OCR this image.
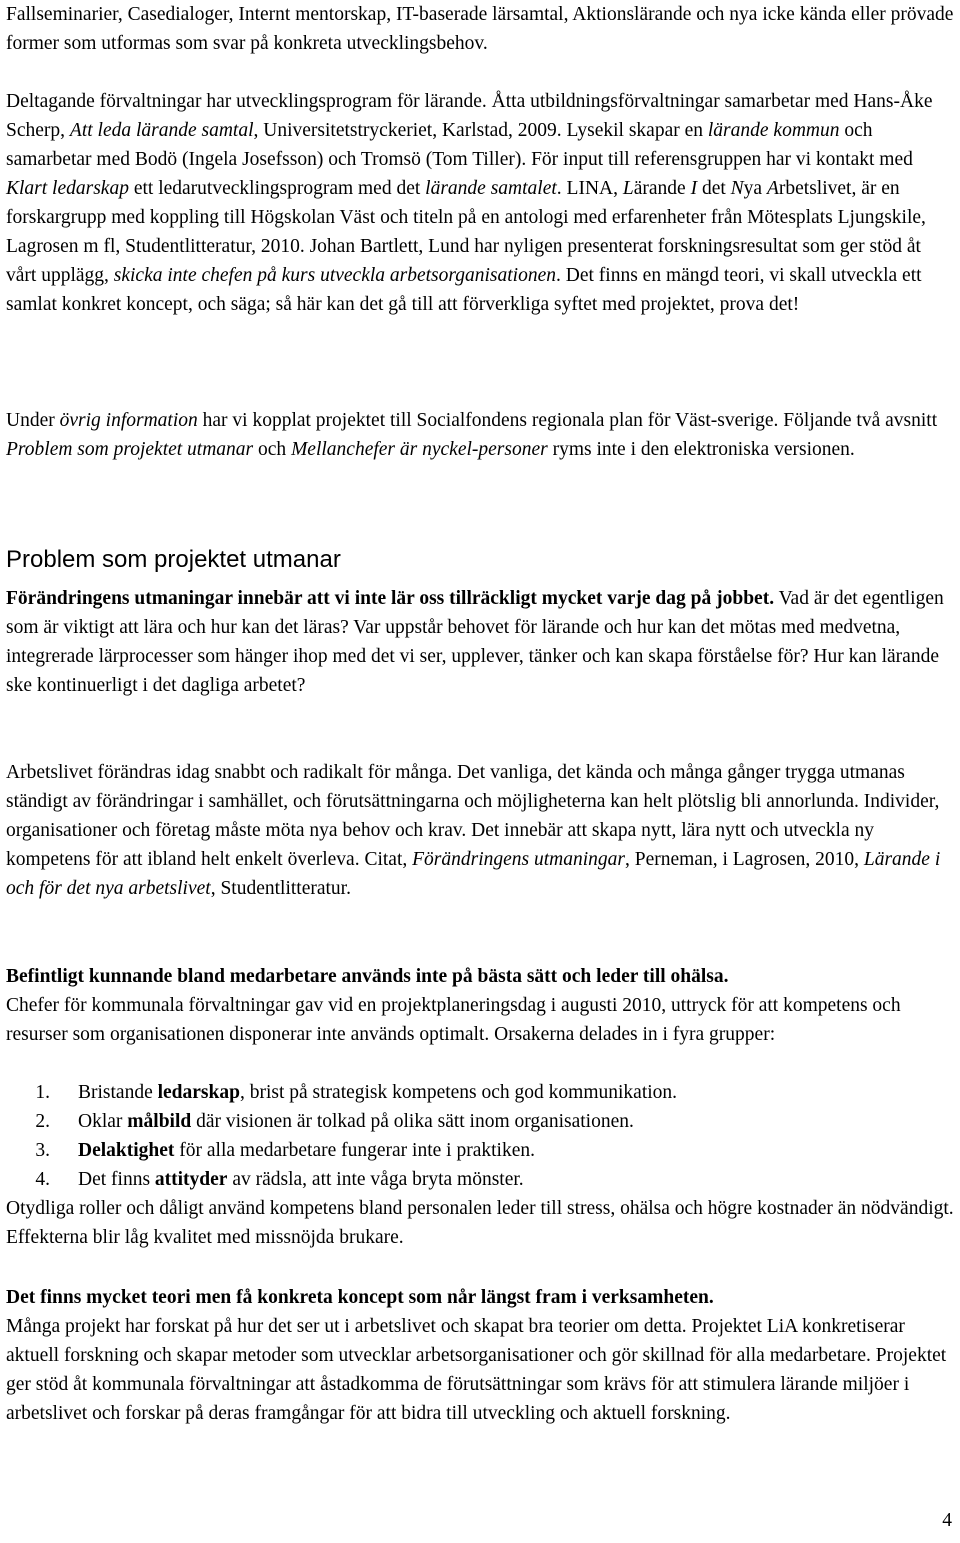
Fallseminarier, Casedialoger, Internt mentorskap, IT-baserade lärsamtal, Aktionslärande och nya icke kända eller prövade former som utformas som svar på konkreta utvecklingsbehov.

Deltagande förvaltningar har utvecklingsprogram för lärande. Åtta utbildningsförvaltningar samarbetar med Hans-Åke Scherp, Att leda lärande samtal, Universitetstryckeriet, Karlstad, 2009. Lysekil skapar en lärande kommun och samarbetar med Bodö (Ingela Josefsson) och Tromsö (Tom Tiller). För input till referensgruppen har vi kontakt med Klart ledarskap ett ledarutvecklingsprogram med det lärande samtalet. LINA, Lärande I det Nya Arbetslivet, är en forskargrupp med koppling till Högskolan Väst och titeln på en antologi med erfarenheter från Mötesplats Ljungskile, Lagrosen m fl, Studentlitteratur, 2010. Johan Bartlett, Lund har nyligen presenterat forskningsresultat som ger stöd åt vårt upplägg, skicka inte chefen på kurs utveckla arbetsorganisationen. Det finns en mängd teori, vi skall utveckla ett samlat konkret koncept, och säga; så här kan det gå till att förverkliga syftet med projektet, prova det!

Under övrig information har vi kopplat projektet till Socialfondens regionala plan för Väst-sverige. Följande två avsnitt Problem som projektet utmanar och Mellanchefer är nyckel-personer ryms inte i den elektroniska versionen.

Problem som projektet utmanar

Förändringens utmaningar innebär att vi inte lär oss tillräckligt mycket varje dag på jobbet. Vad är det egentligen som är viktigt att lära och hur kan det läras? Var uppstår behovet för lärande och hur kan det mötas med medvetna, integrerade lärprocesser som hänger ihop med det vi ser, upplever, tänker och kan skapa förståelse för? Hur kan lärande ske kontinuerligt i det dagliga arbetet?

Arbetslivet förändras idag snabbt och radikalt för många. Det vanliga, det kända och många gånger trygga utmanas ständigt av förändringar i samhället, och förutsättningarna och möjligheterna kan helt plötslig bli annorlunda. Individer, organisationer och företag måste möta nya behov och krav. Det innebär att skapa nytt, lära nytt och utveckla ny kompetens för att ibland helt enkelt överleva. Citat, Förändringens utmaningar, Perneman, i Lagrosen, 2010, Lärande i och för det nya arbetslivet, Studentlitteratur.

Befintligt kunnande bland medarbetare används inte på bästa sätt och leder till ohälsa.
Chefer för kommunala förvaltningar gav vid en projektplaneringsdag i augusti 2010, uttryck för att kompetens och resurser som organisationen disponerar inte används optimalt. Orsakerna delades in i fyra grupper:

1. Bristande ledarskap, brist på strategisk kompetens och god kommunikation.
2. Oklar målbild där visionen är tolkad på olika sätt inom organisationen.
3. Delaktighet för alla medarbetare fungerar inte i praktiken.
4. Det finns attityder av rädsla, att inte våga bryta mönster.

Otydliga roller och dåligt använd kompetens bland personalen leder till stress, ohälsa och högre kostnader än nödvändigt. Effekterna blir låg kvalitet med missnöjda brukare.

Det finns mycket teori men få konkreta koncept som når längst fram i verksamheten.
Många projekt har forskat på hur det ser ut i arbetslivet och skapat bra teorier om detta. Projektet LiA konkretiserar aktuell forskning och skapar metoder som utvecklar arbetsorganisationer och gör skillnad för alla medarbetare. Projektet ger stöd åt kommunala förvaltningar att åstadkomma de förutsättningar som krävs för att stimulera lärande miljöer i arbetslivet och forskar på deras framgångar för att bidra till utveckling och aktuell forskning.

4
